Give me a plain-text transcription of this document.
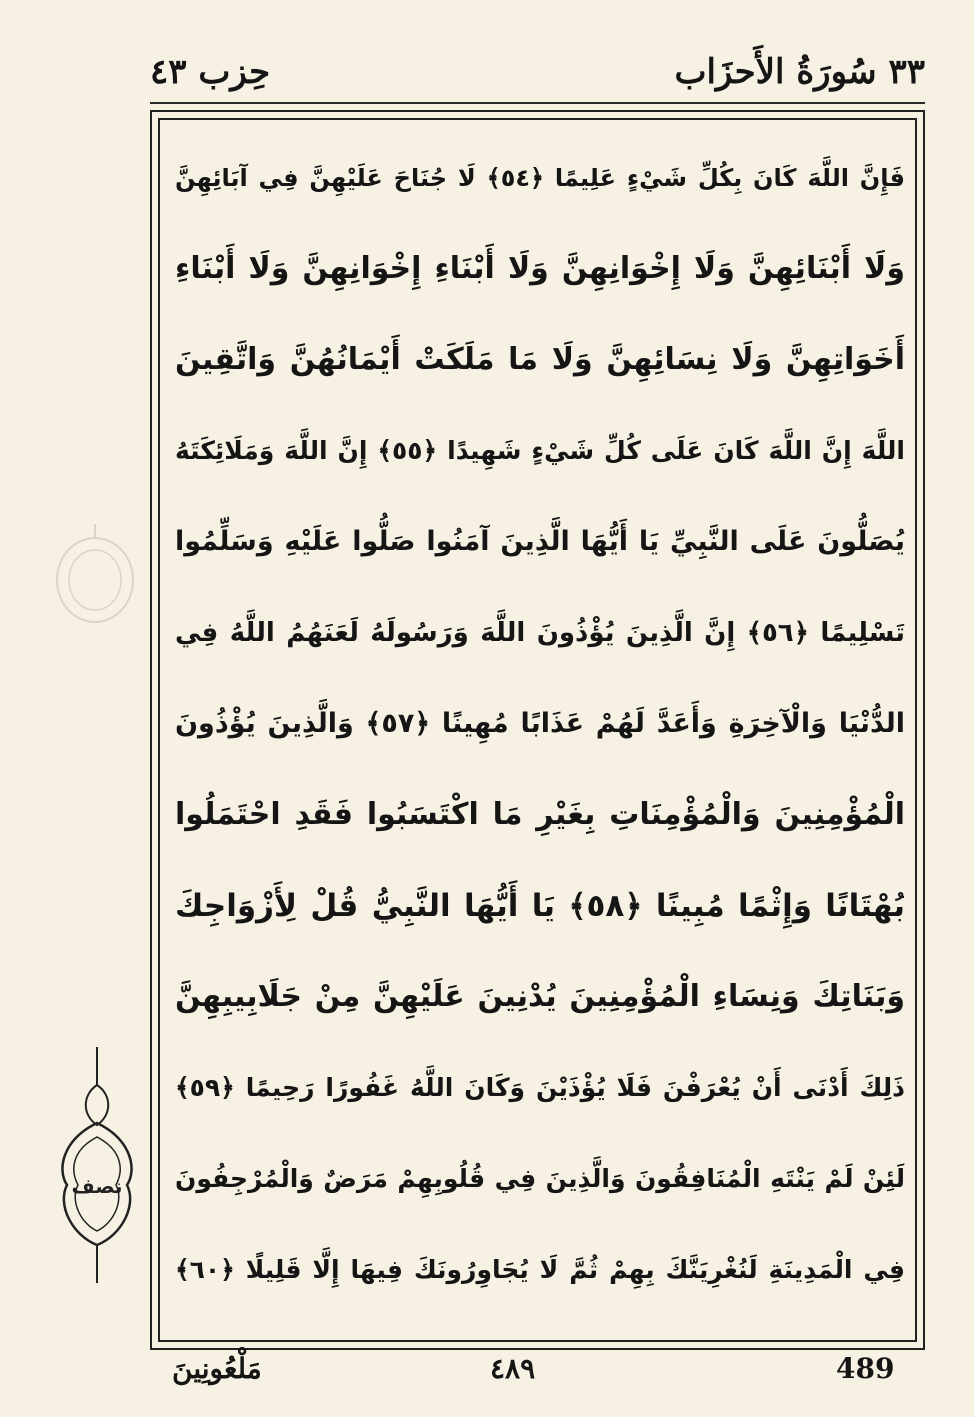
٣٣ سُورَةُ الأَحزَاب
حِزب ٤٣
فَإِنَّ اللَّهَ كَانَ بِكُلِّ شَيْءٍ عَلِيمًا ﴿٥٤﴾ لَا جُنَاحَ عَلَيْهِنَّ فِي آبَائِهِنَّ
وَلَا أَبْنَائِهِنَّ وَلَا إِخْوَانِهِنَّ وَلَا أَبْنَاءِ إِخْوَانِهِنَّ وَلَا أَبْنَاءِ
أَخَوَاتِهِنَّ وَلَا نِسَائِهِنَّ وَلَا مَا مَلَكَتْ أَيْمَانُهُنَّ وَاتَّقِينَ
اللَّهَ إِنَّ اللَّهَ كَانَ عَلَى كُلِّ شَيْءٍ شَهِيدًا ﴿٥٥﴾ إِنَّ اللَّهَ وَمَلَائِكَتَهُ
يُصَلُّونَ عَلَى النَّبِيِّ يَا أَيُّهَا الَّذِينَ آمَنُوا صَلُّوا عَلَيْهِ وَسَلِّمُوا
تَسْلِيمًا ﴿٥٦﴾ إِنَّ الَّذِينَ يُؤْذُونَ اللَّهَ وَرَسُولَهُ لَعَنَهُمُ اللَّهُ فِي
الدُّنْيَا وَالْآخِرَةِ وَأَعَدَّ لَهُمْ عَذَابًا مُهِينًا ﴿٥٧﴾ وَالَّذِينَ يُؤْذُونَ
الْمُؤْمِنِينَ وَالْمُؤْمِنَاتِ بِغَيْرِ مَا اكْتَسَبُوا فَقَدِ احْتَمَلُوا
بُهْتَانًا وَإِثْمًا مُبِينًا ﴿٥٨﴾ يَا أَيُّهَا النَّبِيُّ قُلْ لِأَزْوَاجِكَ
وَبَنَاتِكَ وَنِسَاءِ الْمُؤْمِنِينَ يُدْنِينَ عَلَيْهِنَّ مِنْ جَلَابِيبِهِنَّ
ذَلِكَ أَدْنَى أَنْ يُعْرَفْنَ فَلَا يُؤْذَيْنَ وَكَانَ اللَّهُ غَفُورًا رَحِيمًا ﴿٥٩﴾
لَئِنْ لَمْ يَنْتَهِ الْمُنَافِقُونَ وَالَّذِينَ فِي قُلُوبِهِمْ مَرَضٌ وَالْمُرْجِفُونَ
فِي الْمَدِينَةِ لَنُغْرِيَنَّكَ بِهِمْ ثُمَّ لَا يُجَاوِرُونَكَ فِيهَا إِلَّا قَلِيلًا ﴿٦٠﴾
نصف
مَلْعُونِينَ	٤٨٩	489
